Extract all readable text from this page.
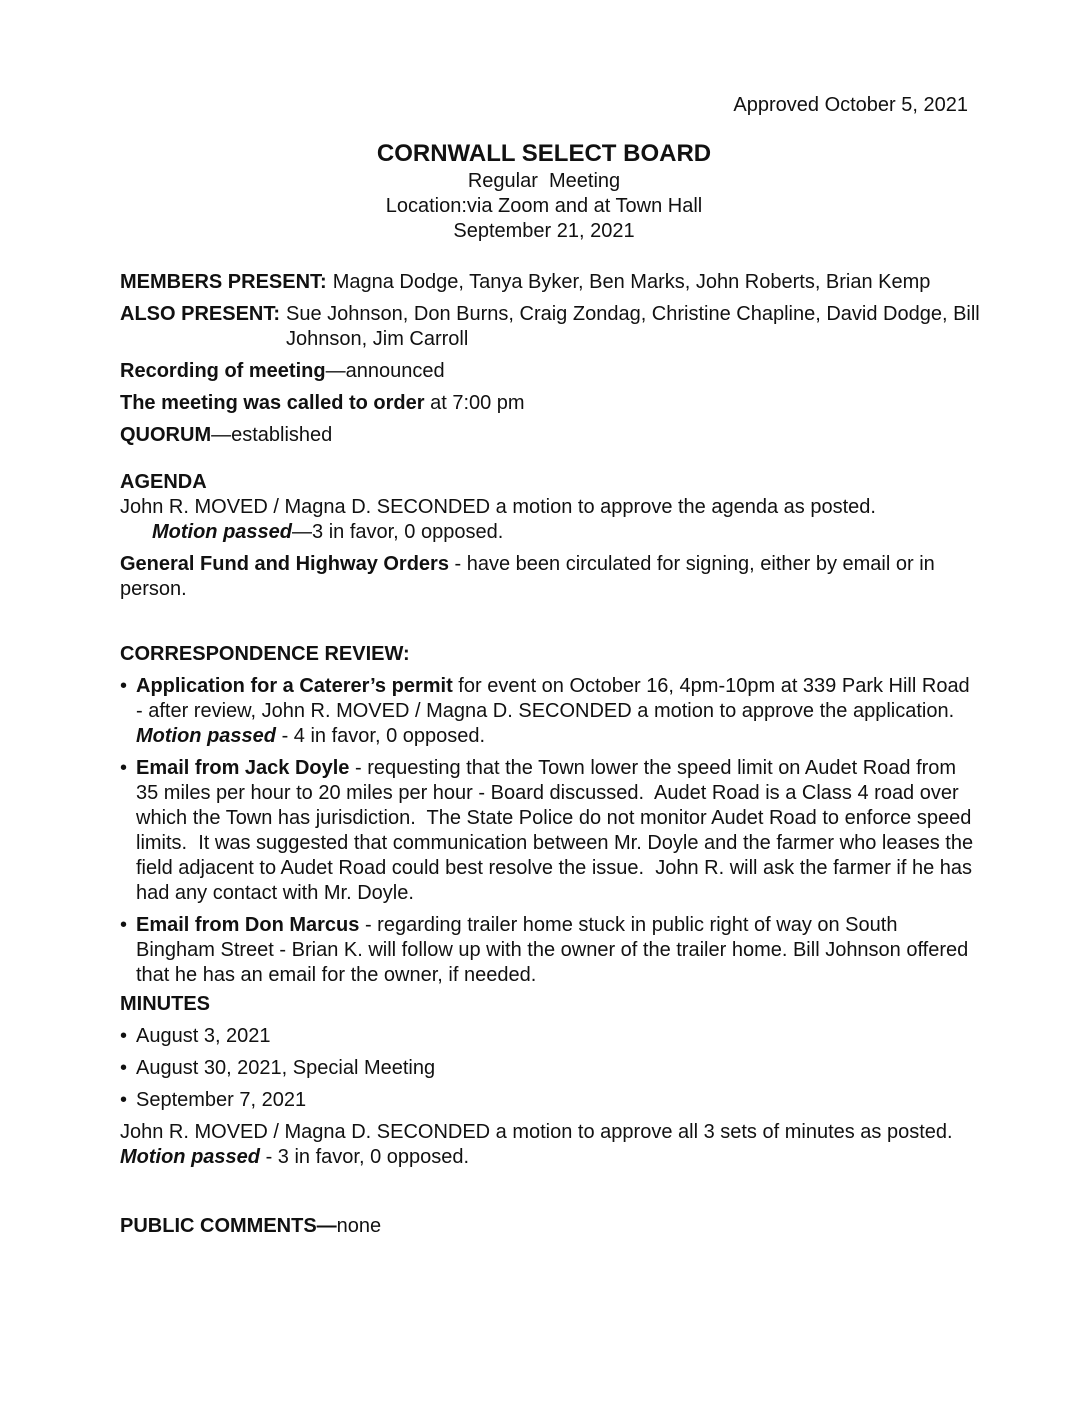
Approved October 5, 2021
CORNWALL SELECT BOARD
Regular  Meeting
Location:via Zoom and at Town Hall
September 21, 2021
MEMBERS PRESENT: Magna Dodge, Tanya Byker, Ben Marks, John Roberts, Brian Kemp
ALSO PRESENT: Sue Johnson, Don Burns, Craig Zondag, Christine Chapline, David Dodge, Bill Johnson, Jim Carroll
Recording of meeting—announced
The meeting was called to order at 7:00 pm
QUORUM—established
AGENDA
John R. MOVED / Magna D. SECONDED a motion to approve the agenda as posted.
Motion passed—3 in favor, 0 opposed.
General Fund and Highway Orders - have been circulated for signing, either by email or in person.
CORRESPONDENCE REVIEW:
• Application for a Caterer’s permit for event on October 16, 4pm-10pm at 339 Park Hill Road - after review, John R. MOVED / Magna D. SECONDED a motion to approve the application.  Motion passed - 4 in favor, 0 opposed.
• Email from Jack Doyle - requesting that the Town lower the speed limit on Audet Road from 35 miles per hour to 20 miles per hour - Board discussed.  Audet Road is a Class 4 road over which the Town has jurisdiction.  The State Police do not monitor Audet Road to enforce speed limits.  It was suggested that communication between Mr. Doyle and the farmer who leases the field adjacent to Audet Road could best resolve the issue.  John R. will ask the farmer if he has had any contact with Mr. Doyle.
• Email from Don Marcus - regarding trailer home stuck in public right of way on South Bingham Street - Brian K. will follow up with the owner of the trailer home. Bill Johnson offered that he has an email for the owner, if needed.
MINUTES
• August 3, 2021
• August 30, 2021, Special Meeting
• September 7, 2021
John R. MOVED / Magna D. SECONDED a motion to approve all 3 sets of minutes as posted.  Motion passed - 3 in favor, 0 opposed.
PUBLIC COMMENTS—none
